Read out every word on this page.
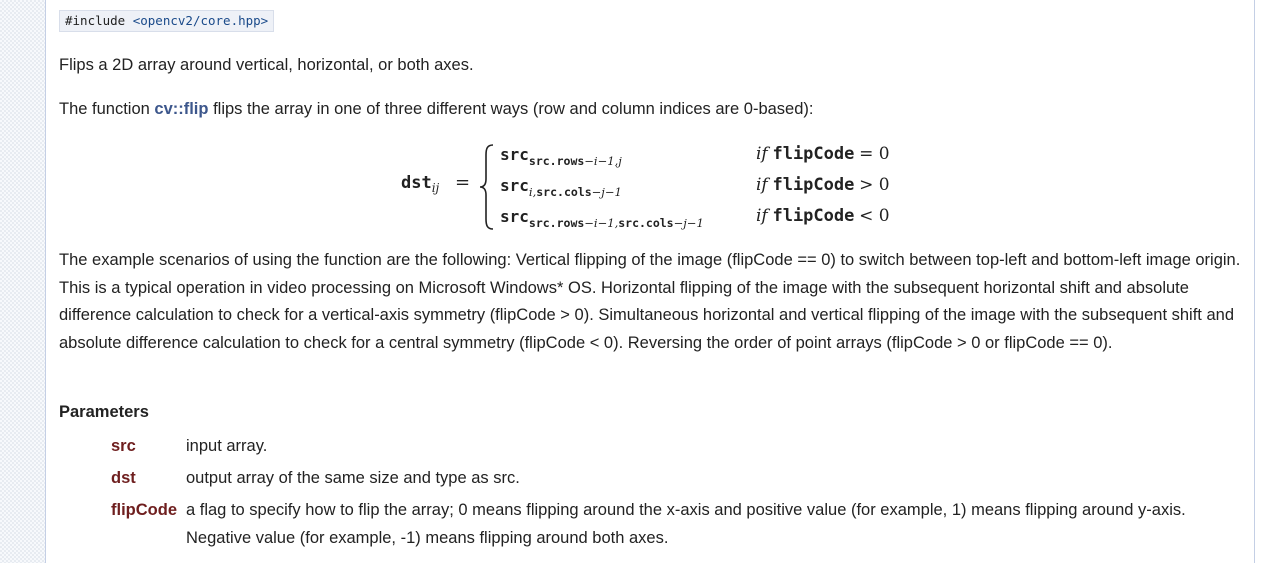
#include <opencv2/core.hpp>

Flips a 2D array around vertical, horizontal, or both axes.

The function cv::flip flips the array in one of three different ways (row and column indices are 0-based):

dst$_{ij}$ =
src$_{src.rows-i-1,j}$	if flipCode = 0
src$_{i,src.cols-j-1}$	if flipCode > 0
src$_{src.rows-i-1,src.cols-j-1}$	if flipCode < 0

The example scenarios of using the function are the following: Vertical flipping of the image (flipCode == 0) to switch between top-left and bottom-left image origin. This is a typical operation in video processing on Microsoft Windows* OS. Horizontal flipping of the image with the subsequent horizontal shift and absolute difference calculation to check for a vertical-axis symmetry (flipCode > 0). Simultaneous horizontal and vertical flipping of the image with the subsequent shift and absolute difference calculation to check for a central symmetry (flipCode < 0). Reversing the order of point arrays (flipCode > 0 or flipCode == 0).

Parameters
src	input array.
dst	output array of the same size and type as src.
flipCode a flag to specify how to flip the array; 0 means flipping around the x-axis and positive value (for example, 1) means flipping around y-axis. Negative value (for example, -1) means flipping around both axes.
